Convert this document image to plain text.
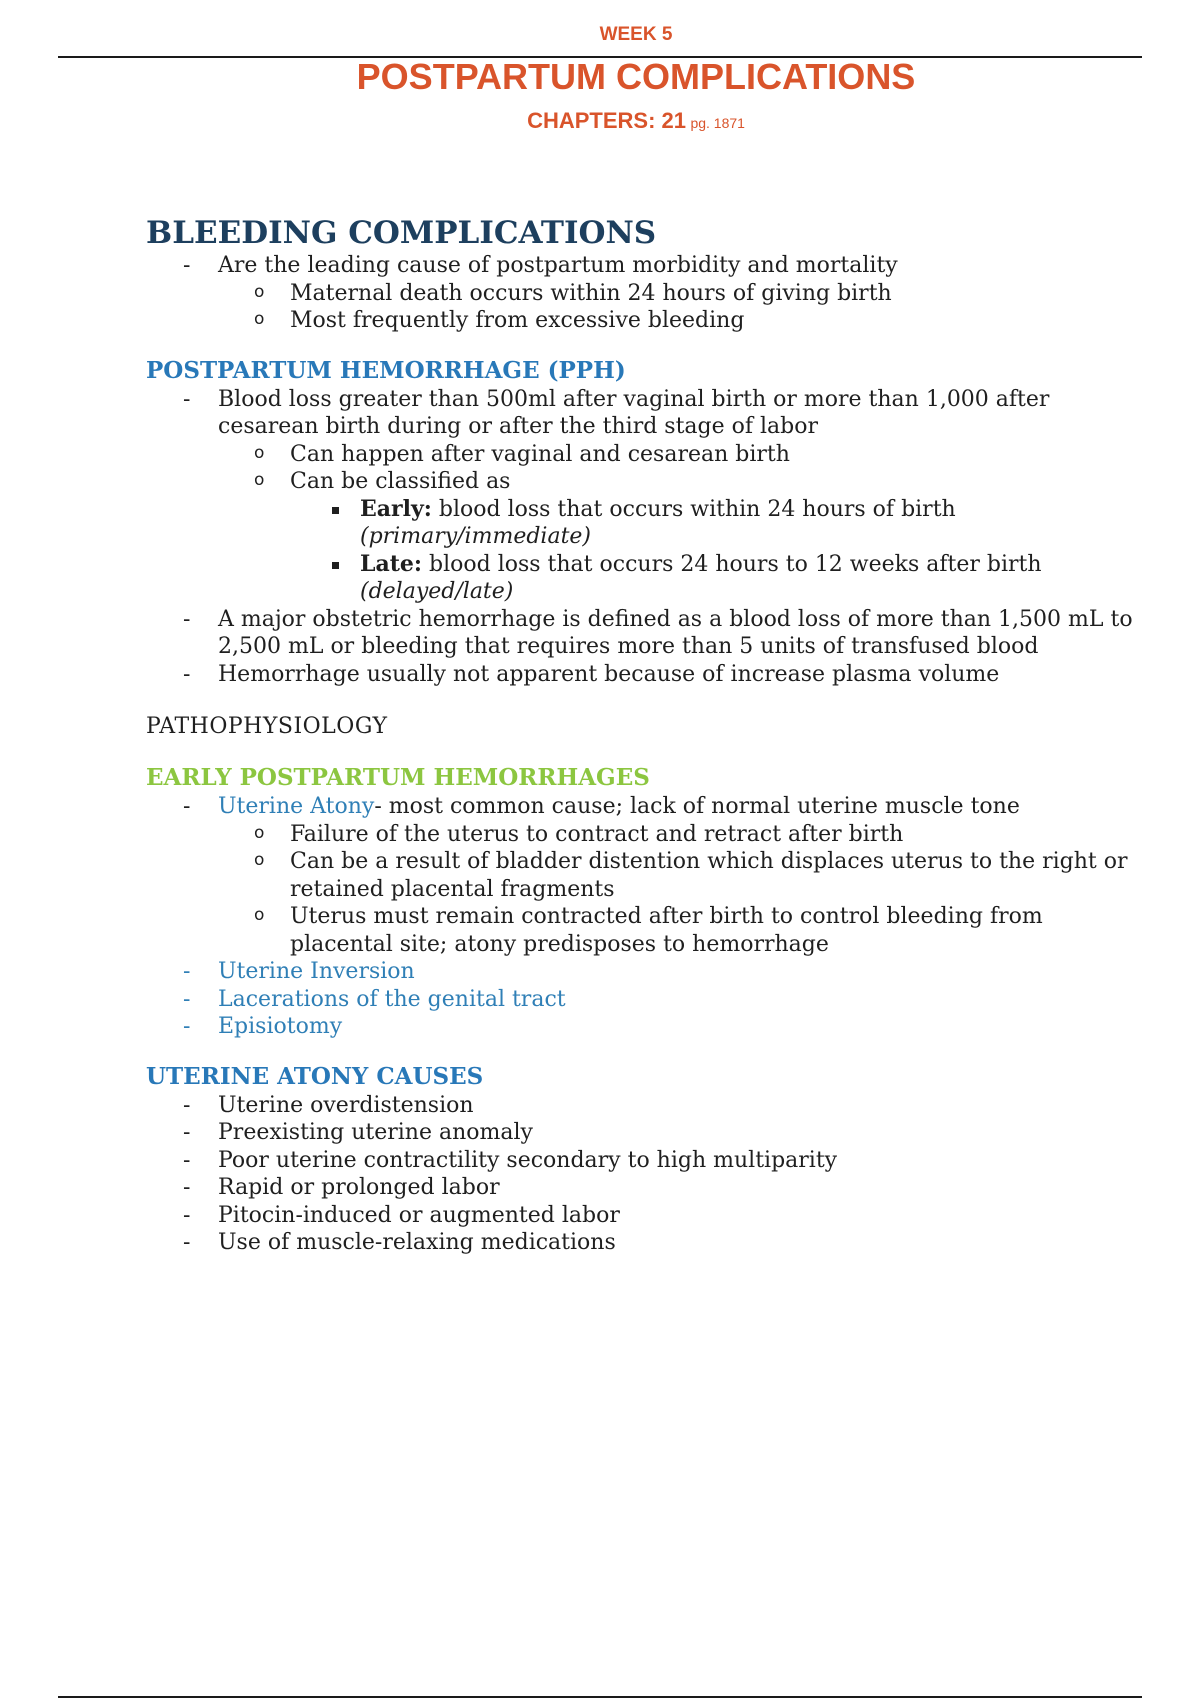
WEEK 5
POSTPARTUM COMPLICATIONS
CHAPTERS: 21 pg. 1871
BLEEDING COMPLICATIONS
- Are the leading cause of postpartum morbidity and mortality
o Maternal death occurs within 24 hours of giving birth
o Most frequently from excessive bleeding
POSTPARTUM HEMORRHAGE (PPH)
- Blood loss greater than 500ml after vaginal birth or more than 1,000 after cesarean birth during or after the third stage of labor
o Can happen after vaginal and cesarean birth
o Can be classified as
Early: blood loss that occurs within 24 hours of birth (primary/immediate)
Late: blood loss that occurs 24 hours to 12 weeks after birth (delayed/late)
- A major obstetric hemorrhage is defined as a blood loss of more than 1,500 mL to 2,500 mL or bleeding that requires more than 5 units of transfused blood
- Hemorrhage usually not apparent because of increase plasma volume
PATHOPHYSIOLOGY
EARLY POSTPARTUM HEMORRHAGES
- Uterine Atony- most common cause; lack of normal uterine muscle tone
o Failure of the uterus to contract and retract after birth
o Can be a result of bladder distention which displaces uterus to the right or retained placental fragments
o Uterus must remain contracted after birth to control bleeding from placental site; atony predisposes to hemorrhage
- Uterine Inversion
- Lacerations of the genital tract
- Episiotomy
UTERINE ATONY CAUSES
- Uterine overdistension
- Preexisting uterine anomaly
- Poor uterine contractility secondary to high multiparity
- Rapid or prolonged labor
- Pitocin-induced or augmented labor
- Use of muscle-relaxing medications
